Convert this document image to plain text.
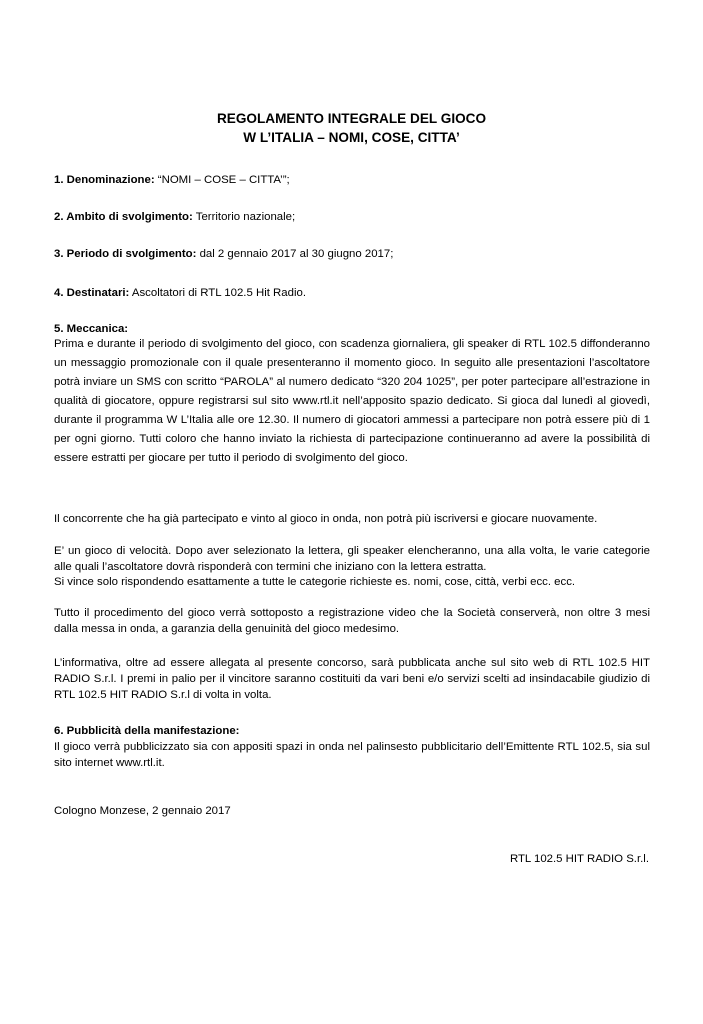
REGOLAMENTO INTEGRALE DEL GIOCO
W L’ITALIA – NOMI, COSE, CITTA’
1. Denominazione: “NOMI – COSE – CITTA’”;
2. Ambito di svolgimento: Territorio nazionale;
3. Periodo di svolgimento: dal 2 gennaio 2017 al 30 giugno 2017;
4. Destinatari: Ascoltatori di RTL 102.5 Hit Radio.
5. Meccanica:
Prima e durante il periodo di svolgimento del gioco, con scadenza giornaliera, gli speaker di RTL 102.5 diffonderanno un messaggio promozionale con il quale presenteranno il momento gioco. In seguito alle presentazioni l’ascoltatore potrà inviare un SMS con scritto “PAROLA” al numero dedicato “320 204 1025”, per poter partecipare all’estrazione in qualità di giocatore, oppure registrarsi sul sito www.rtl.it nell’apposito spazio dedicato. Si gioca dal lunedì al giovedì, durante il programma W L’Italia alle ore 12.30. Il numero di giocatori ammessi a partecipare non potrà essere più di 1 per ogni giorno. Tutti coloro che hanno inviato la richiesta di partecipazione continueranno ad avere la possibilità di essere estratti per giocare per tutto il periodo di svolgimento del gioco.
Il concorrente che ha già partecipato e vinto al gioco in onda, non potrà più iscriversi e giocare nuovamente.
E’ un gioco di velocità. Dopo aver selezionato la lettera, gli speaker elencheranno, una alla volta, le varie categorie alle quali l’ascoltatore dovrà risponderà con termini che iniziano con la lettera estratta.
Si vince solo rispondendo esattamente a tutte le categorie richieste es. nomi, cose, città, verbi ecc. ecc.
Tutto il procedimento del gioco verrà sottoposto a registrazione video che la Società conserverà, non oltre 3 mesi dalla messa in onda, a garanzia della genuinità del gioco medesimo.
L’informativa, oltre ad essere allegata al presente concorso, sarà pubblicata anche sul sito web di RTL 102.5 HIT RADIO S.r.l. I premi in palio per il vincitore saranno costituiti da vari beni e/o servizi scelti ad insindacabile giudizio di RTL 102.5 HIT RADIO S.r.l di volta in volta.
6. Pubblicità della manifestazione:
Il gioco verrà pubblicizzato sia con appositi spazi in onda nel palinsesto pubblicitario dell’Emittente RTL 102.5, sia sul sito internet www.rtl.it.
Cologno Monzese, 2 gennaio 2017
RTL 102.5 HIT RADIO S.r.l.
